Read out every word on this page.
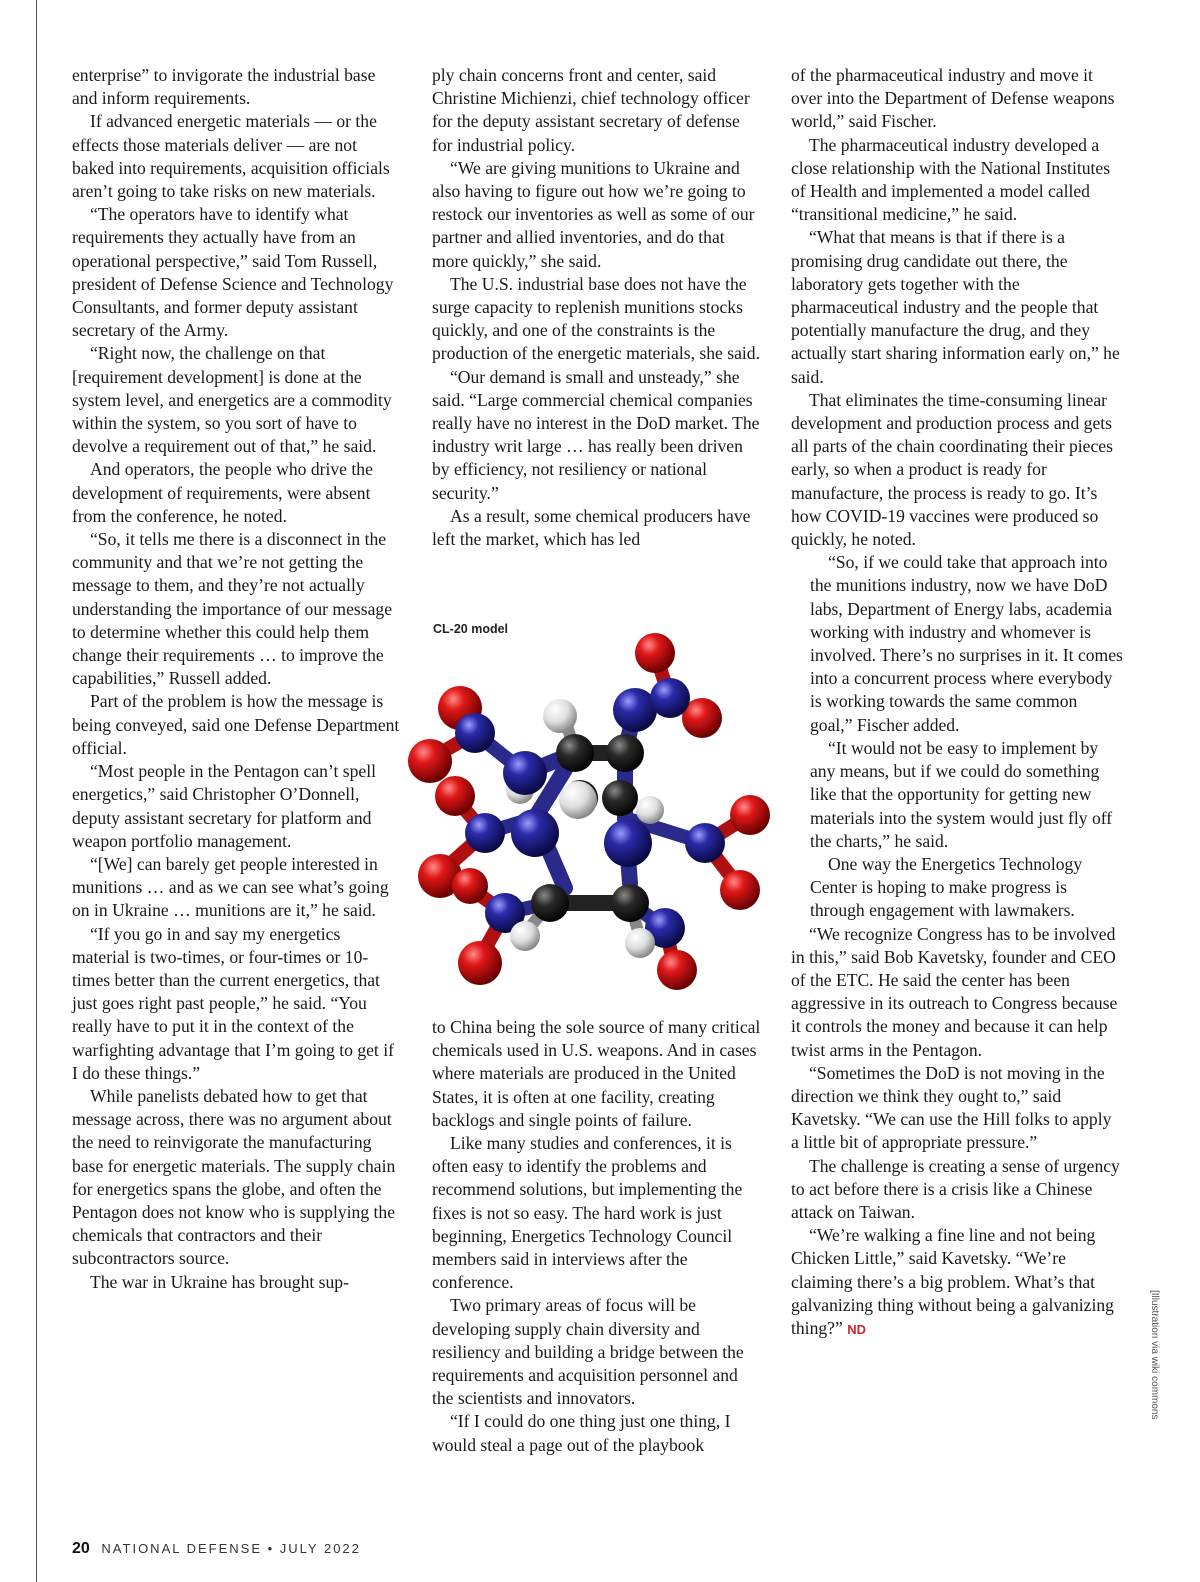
enterprise” to invigorate the industrial base and inform requirements.

If advanced energetic materials — or the effects those materials deliver — are not baked into requirements, acquisition officials aren’t going to take risks on new materials.

“The operators have to identify what requirements they actually have from an operational perspective,” said Tom Russell, president of Defense Science and Technology Consultants, and former deputy assistant secretary of the Army.

“Right now, the challenge on that [requirement development] is done at the system level, and energetics are a commodity within the system, so you sort of have to devolve a requirement out of that,” he said.

And operators, the people who drive the development of requirements, were absent from the conference, he noted.

“So, it tells me there is a disconnect in the community and that we’re not getting the message to them, and they’re not actually understanding the importance of our message to determine whether this could help them change their requirements … to improve the capabilities,” Russell added.

Part of the problem is how the message is being conveyed, said one Defense Department official.

“Most people in the Pentagon can’t spell energetics,” said Christopher O’Donnell, deputy assistant secretary for platform and weapon portfolio management.

“[We] can barely get people interested in munitions … and as we can see what’s going on in Ukraine … munitions are it,” he said.

“If you go in and say my energetics material is two-times, or four-times or 10-times better than the current energetics, that just goes right past people,” he said. “You really have to put it in the context of the warfighting advantage that I’m going to get if I do these things.”

While panelists debated how to get that message across, there was no argument about the need to reinvigorate the manufacturing base for energetic materials. The supply chain for energetics spans the globe, and often the Pentagon does not know who is supplying the chemicals that contractors and their subcontractors source.

The war in Ukraine has brought sup-

ply chain concerns front and center, said Christine Michienzi, chief technology officer for the deputy assistant secretary of defense for industrial policy.

“We are giving munitions to Ukraine and also having to figure out how we’re going to restock our inventories as well as some of our partner and allied inventories, and do that more quickly,” she said.

The U.S. industrial base does not have the surge capacity to replenish munitions stocks quickly, and one of the constraints is the production of the energetic materials, she said.

“Our demand is small and unsteady,” she said. “Large commercial chemical companies really have no interest in the DoD market. The industry writ large … has really been driven by efficiency, not resiliency or national security.”

As a result, some chemical producers have left the market, which has led

CL-20 model

to China being the sole source of many critical chemicals used in U.S. weapons. And in cases where materials are produced in the United States, it is often at one facility, creating backlogs and single points of failure.

Like many studies and conferences, it is often easy to identify the problems and recommend solutions, but implementing the fixes is not so easy. The hard work is just beginning, Energetics Technology Council members said in interviews after the conference.

Two primary areas of focus will be developing supply chain diversity and resiliency and building a bridge between the requirements and acquisition personnel and the scientists and innovators.

“If I could do one thing just one thing, I would steal a page out of the playbook

of the pharmaceutical industry and move it over into the Department of Defense weapons world,” said Fischer.

The pharmaceutical industry developed a close relationship with the National Institutes of Health and implemented a model called “transitional medicine,” he said.

“What that means is that if there is a promising drug candidate out there, the laboratory gets together with the pharmaceutical industry and the people that potentially manufacture the drug, and they actually start sharing information early on,” he said.

That eliminates the time-consuming linear development and production process and gets all parts of the chain coordinating their pieces early, so when a product is ready for manufacture, the process is ready to go. It’s how COVID-19 vaccines were produced so quickly, he noted.

“So, if we could take that approach into the munitions industry, now we have DoD labs, Department of Energy labs, academia working with industry and whomever is involved. There’s no surprises in it. It comes into a concurrent process where everybody is working towards the same common goal,” Fischer added.

“It would not be easy to implement by any means, but if we could do something like that the opportunity for getting new materials into the system would just fly off the charts,” he said.

One way the Energetics Technology Center is hoping to make progress is through engagement with lawmakers.

“We recognize Congress has to be involved in this,” said Bob Kavetsky, founder and CEO of the ETC. He said the center has been aggressive in its outreach to Congress because it controls the money and because it can help twist arms in the Pentagon.

“Sometimes the DoD is not moving in the direction we think they ought to,” said Kavetsky. “We can use the Hill folks to apply a little bit of appropriate pressure.”

The challenge is creating a sense of urgency to act before there is a crisis like a Chinese attack on Taiwan.

“We’re walking a fine line and not being Chicken Little,” said Kavetsky. “We’re claiming there’s a big problem. What’s that galvanizing thing without being a galvanizing thing?” ND	[Illustration via wiki commons
20 NATIONAL DEFENSE • JULY 2022
